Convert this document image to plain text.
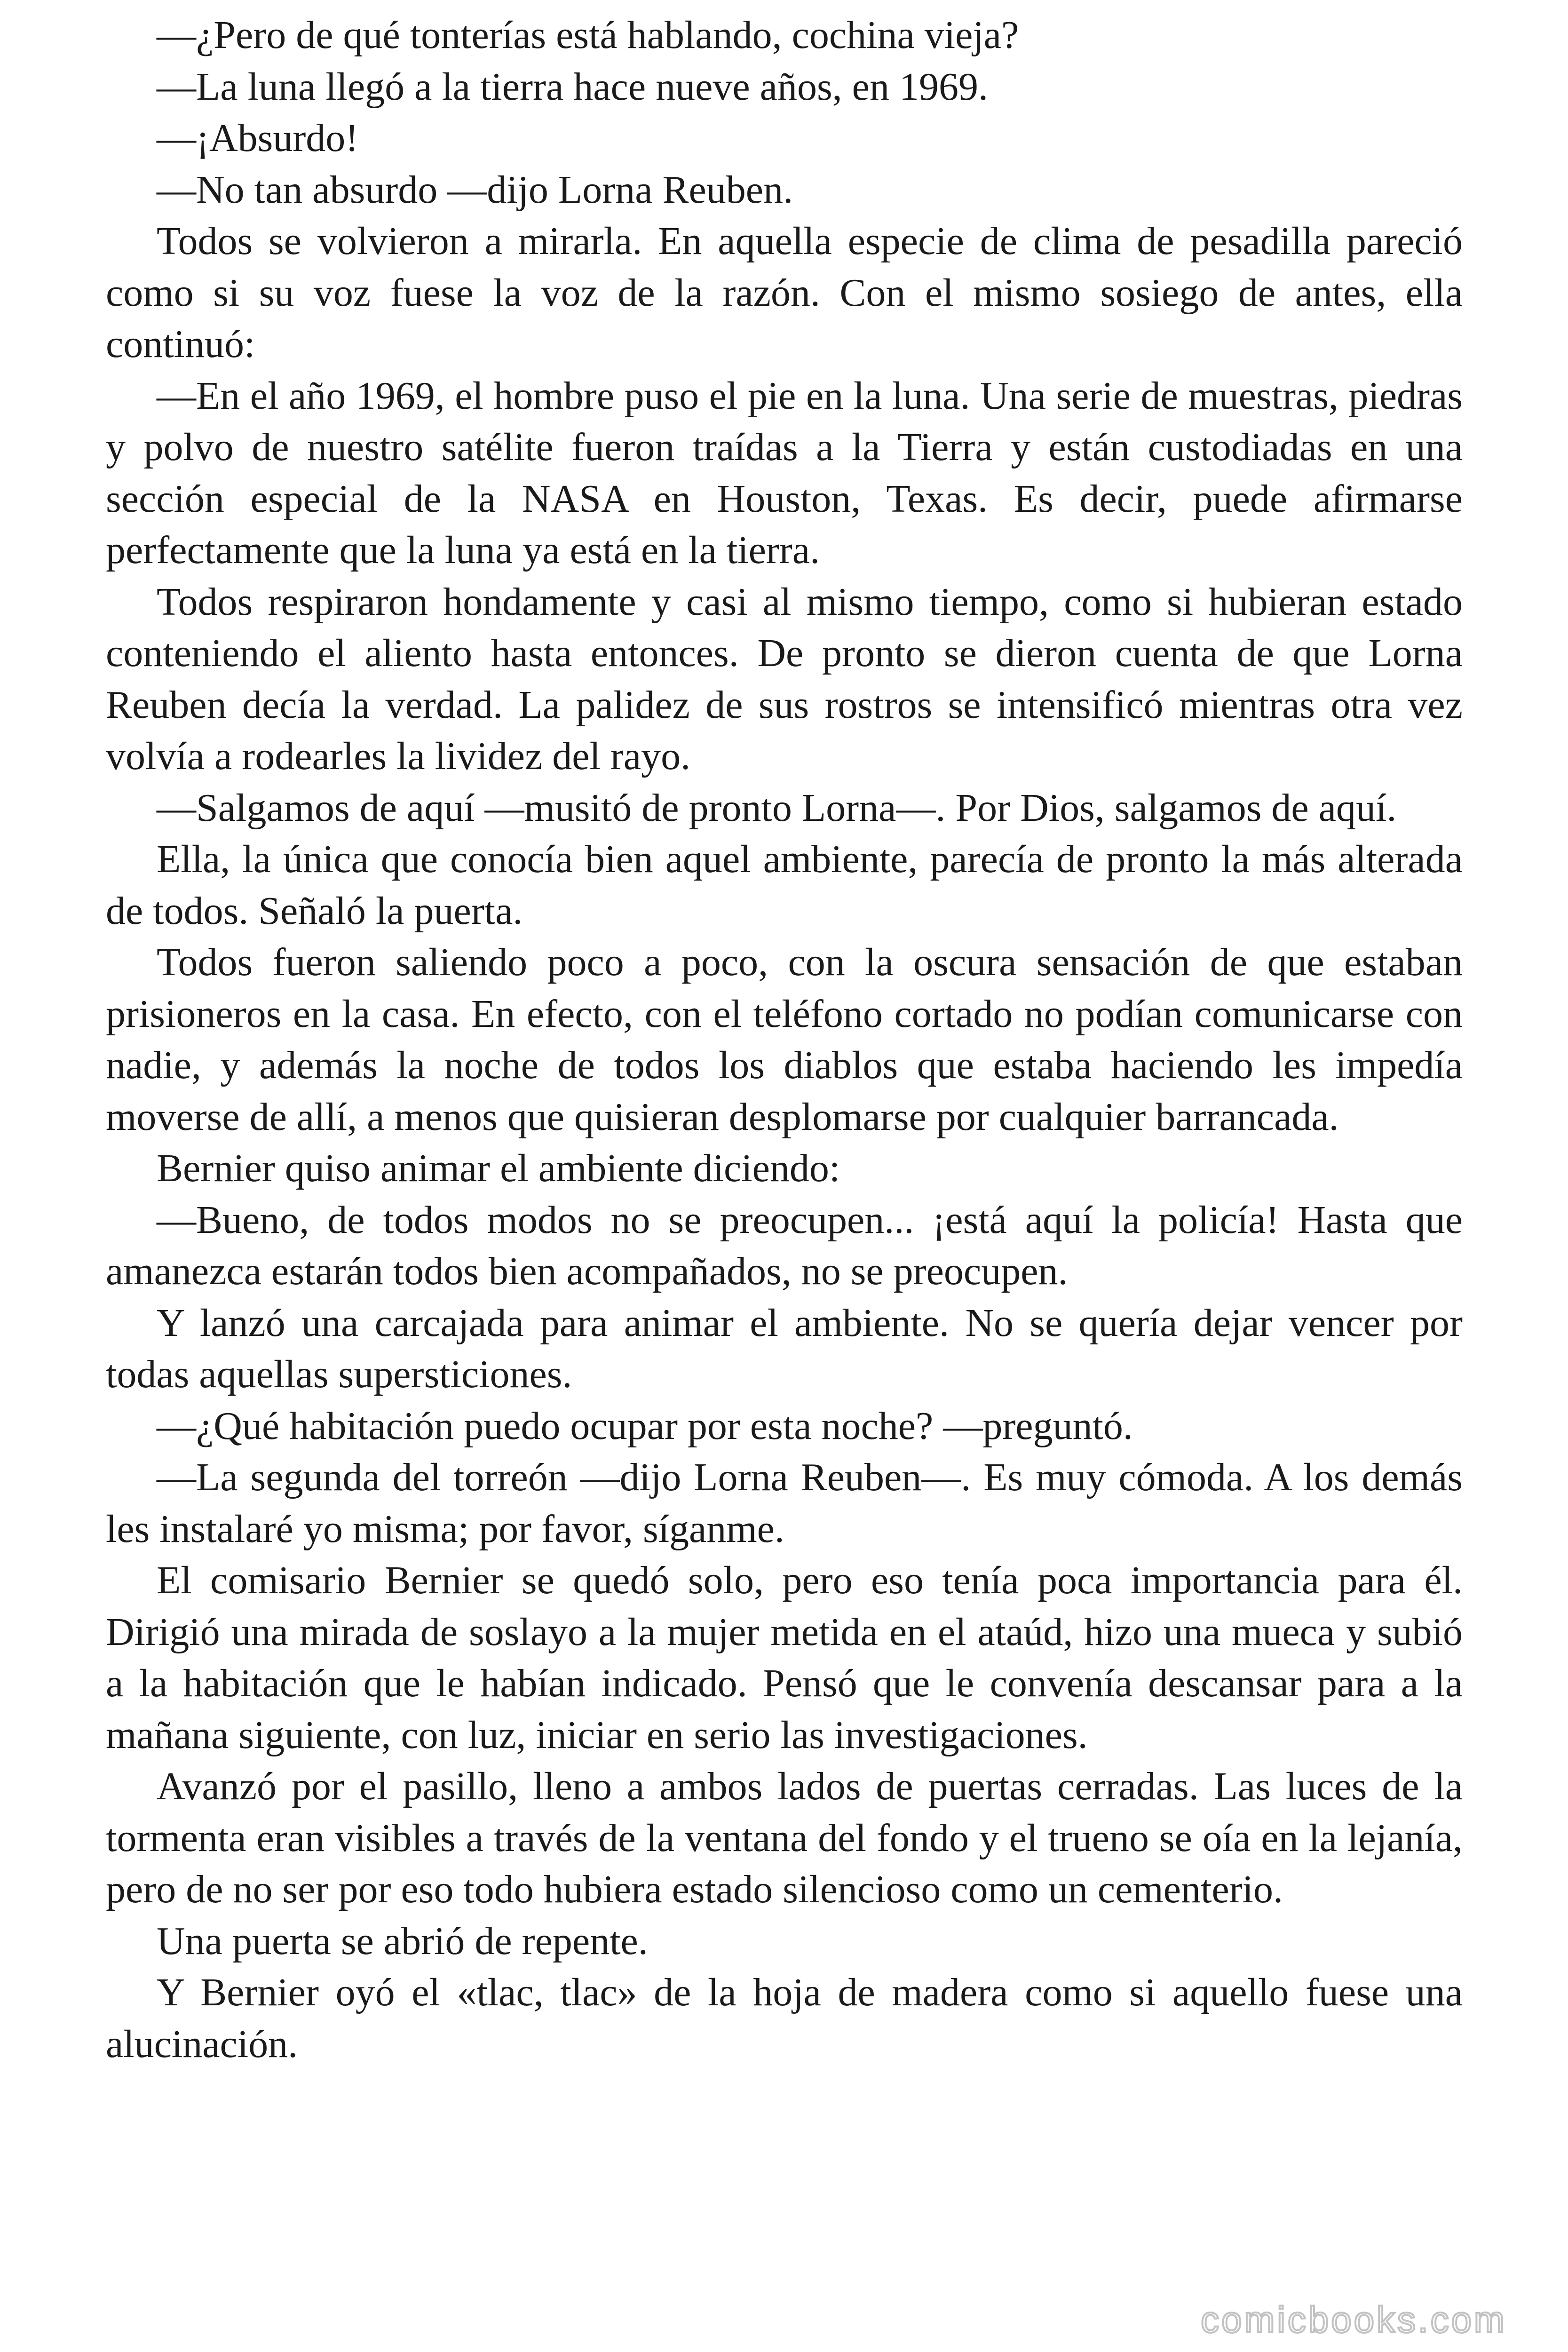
—¿Pero de qué tonterías está hablando, cochina vieja?

—La luna llegó a la tierra hace nueve años, en 1969.

—¡Absurdo!

—No tan absurdo —dijo Lorna Reuben.

Todos se volvieron a mirarla. En aquella especie de clima de pesadilla pareció como si su voz fuese la voz de la razón. Con el mismo sosiego de antes, ella continuó:

—En el año 1969, el hombre puso el pie en la luna. Una serie de muestras, piedras y polvo de nuestro satélite fueron traídas a la Tierra y están custodiadas en una sección especial de la NASA en Houston, Texas. Es decir, puede afirmarse perfectamente que la luna ya está en la tierra.

Todos respiraron hondamente y casi al mismo tiempo, como si hubieran estado conteniendo el aliento hasta entonces. De pronto se dieron cuenta de que Lorna Reuben decía la verdad. La palidez de sus rostros se intensificó mientras otra vez volvía a rodearles la lividez del rayo.

—Salgamos de aquí —musitó de pronto Lorna—. Por Dios, salgamos de aquí.

Ella, la única que conocía bien aquel ambiente, parecía de pronto la más alterada de todos. Señaló la puerta.

Todos fueron saliendo poco a poco, con la oscura sensación de que estaban prisioneros en la casa. En efecto, con el teléfono cortado no podían comunicarse con nadie, y además la noche de todos los diablos que estaba haciendo les impedía moverse de allí, a menos que quisieran desplomarse por cualquier barrancada.

Bernier quiso animar el ambiente diciendo:

—Bueno, de todos modos no se preocupen... ¡está aquí la policía! Hasta que amanezca estarán todos bien acompañados, no se preocupen.

Y lanzó una carcajada para animar el ambiente. No se quería dejar vencer por todas aquellas supersticiones.

—¿Qué habitación puedo ocupar por esta noche? —preguntó.

—La segunda del torreón —dijo Lorna Reuben—. Es muy cómoda. A los demás les instalaré yo misma; por favor, síganme.

El comisario Bernier se quedó solo, pero eso tenía poca importancia para él. Dirigió una mirada de soslayo a la mujer metida en el ataúd, hizo una mueca y subió a la habitación que le habían indicado. Pensó que le convenía descansar para a la mañana siguiente, con luz, iniciar en serio las investigaciones.

Avanzó por el pasillo, lleno a ambos lados de puertas cerradas. Las luces de la tormenta eran visibles a través de la ventana del fondo y el trueno se oía en la lejanía, pero de no ser por eso todo hubiera estado silencioso como un cementerio.

Una puerta se abrió de repente.

Y Bernier oyó el «tlac, tlac» de la hoja de madera como si aquello fuese una alucinación.

comicbooks.com
